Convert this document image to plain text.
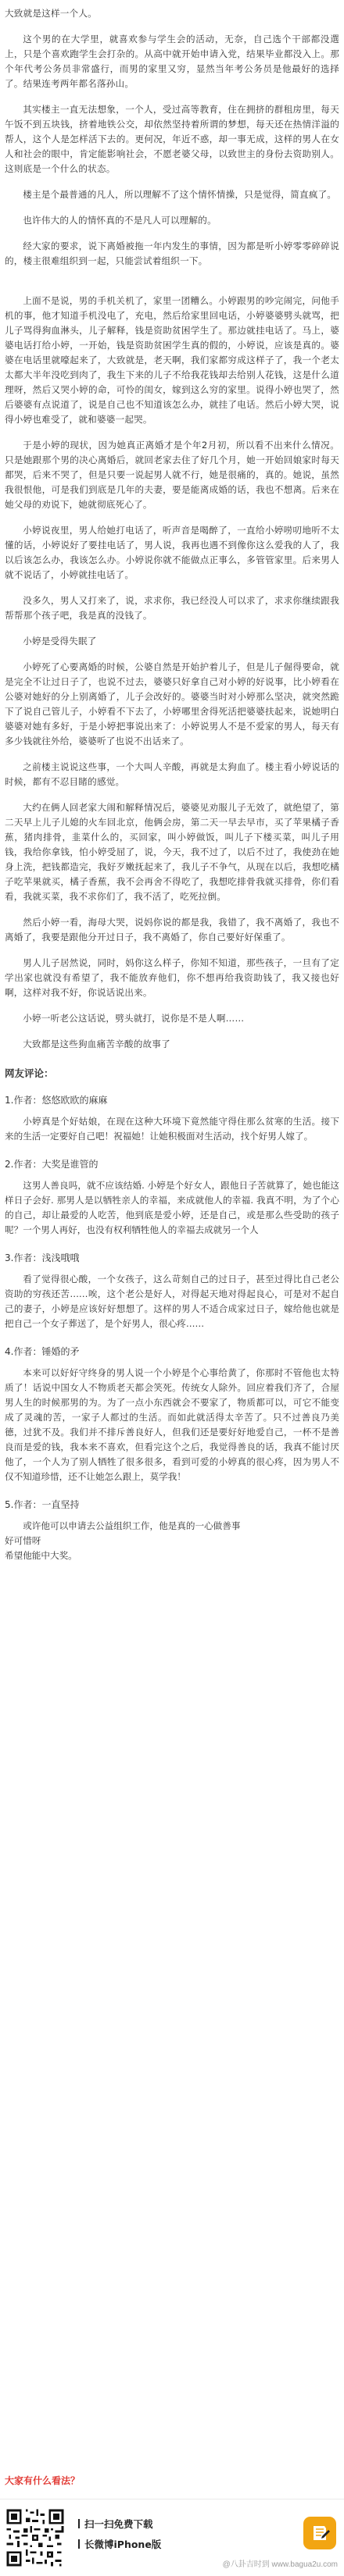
大致就是这样一个人。

这个男的在大学里，就喜欢参与学生会的活动，无奈，自己选个干部都没選上，只是个喜欢跑学生会打杂的。从高中就开始申请入党，结果毕业都没入上。那个年代考公务员非常盛行，而男的家里又穷，显然当年考公务员是他最好的选择了。结果连考两年都名落孙山。

其实楼主一直无法想象，一个人，受过高等教育，住在拥挤的群租房里，每天午饭不到五块钱，挤着地铁公交，却依然坚持着所谓的梦想，每天还在热情洋溢的帮人，这个人是怎样活下去的。更何况，年近不惑，却一事无成，这样的男人在女人和社会的眼中，肯定能影响社会，不愿老婆父母，以致世主的身份去资助别人。这则底是一个什么的状态。

楼主是个最普通的凡人，所以理解不了这个情怀情操，只是觉得，简直疯了。

也许伟大的人的情怀真的不是凡人可以理解的。

经大家的要求，说下离婚被拖一年内发生的事情，因为都是听小婷零零碎碎说的，楼主很难组织到一起，只能尝试着组织一下。

上面不是说，男的手机关机了，家里一团糟么。小婷跟男的吵完闹完，问他手机的事，他才知道手机没电了，充电，然后给家里回电话，小婷婆婆劈头就骂，把儿子骂得狗血淋头，儿子解释，钱是资助贫困学生了。那边就挂电话了。马上，婆婆电话打给小婷，一开始，钱是资助贫困学生真的假的，小婷说，应该是真的。婆婆在电话里就嚎起来了，大致就是，老天啊，我们家都穷成这样子了，我一个老太太都大半年没吃到肉了，我生下来的儿子不给我花钱却去给别人花钱，这是什么道理呀，然后又哭小婷的命，可怜的闺女，嫁到这么穷的家里。说得小婷也哭了，然后婆婆有点说道了，说是自己也不知道该怎么办，就挂了电话。然后小婷大哭，说得小婷也难受了，就和婆婆一起哭。

于是小婷的现状，因为她真正离婚才是个年2月初，所以看不出来什么情况。只是她跟那个男的决心离婚后，就回老家去住了好几个月，她一开始回娘家时每天都哭，后来不哭了，但是只要一说起男人就不行，她是很痛的，真的。她说，虽然我很恨他，可是我们到底是几年的夫妻，要是能离成婚的话，我也不想离。后来在她父母的劝说下，她就彻底死心了。

小婷说夜里，男人给她打电话了，听声音是喝醉了，一直给小婷唠叨地听不太懂的话，小婷说好了要挂电话了，男人说，我再也遇不到像你这么爱我的人了，我以后该怎么办，我该怎么办。小婷说你就不能做点正事么，多管管家里。后来男人就不说话了，小婷就挂电话了。

没多久，男人又打来了，说，求求你，我已经没人可以求了，求求你继续跟我帮帮那个孩子吧，我是真的没钱了。

小婷是受得失眠了

小婷死了心要离婚的时候，公婆自然是开始护着儿子，但是儿子倔得要命，就是完全不让过日子了，也说不过去，婆婆只好拿自己对小婷的好说事，比小婷看在公婆对她好的分上别离婚了，儿子会改好的。婆婆当时对小婷那么坚决，就突然跪下了说自己管儿子，小婷看不下去了，小婷哪里舍得死活把婆婆扶起来，说她明白婆婆对她有多好，于是小婷把事说出来了：小婷说男人不是不爱家的男人，每天有多少钱就往外给，婆婆听了也说不出话来了。

之前楼主说说这些事，一个大叫人辛酸，再就是太狗血了。楼主看小婷说话的时候，都有不忍目睹的感觉。

大约在俩人回老家大闹和解释情况后，婆婆见劝服儿子无效了，就绝望了，第二天早上儿子儿媳的火车回北京，他俩会房，第二天一早去早市，买了苹果橘子香蕉，猪肉排骨，韭菜什么的，买回家，叫小婷做饭，叫儿子下楼买菜，叫儿子用钱，我给你拿钱，怕小婷受屈了，说，今天，我不过了，以后不过了，我使劲在她身上洗，把钱都造完，我好歹嫩抚起来了，我儿子不争气，从现在以后，我想吃橘子吃苹果就买，橘子香蕉，我不会再舍不得吃了，我想吃排骨我就买排骨，你们看看，我就买菜，我不求你们了，我不活了，吃死拉倒。

然后小婷一看，海母大哭，说妈你说的都是我，我错了，我不离婚了，我也不离婚了，我要是跟他分开过日子，我不离婚了，你自己要好好保重了。

男人儿子居然说，同时，妈你这么样子，你知不知道，那些孩子，一旦有了定学出家也就没有希望了，我不能放弃他们，你不想再给我资助钱了，我又接也好啊，这样对我不好，你说话说出来。

小婷一听老公这话说，劈头就打，说你是不是人啊……

大致都是这些狗血痛苦辛酸的故事了

网友评论：
1.作者：悠悠欧欧的麻麻

小婷真是个好姑娘，在现在这种大环境下竟然能守得住那么贫寒的生活。接下来的生活一定要好自己吧！祝福她！让她积极面对生活动，找个好男人嫁了。

2.作者：大奖是谁管的

这男人善良吗，就不应该结婚. 小婷是个好女人，跟他日子苦就算了，她也能这样日子会好. 那男人是以牺牲亲人的幸福，来成就他人的幸福. 我真不明，为了个心的自己，却让最爱的人吃苦，他到底是爱小婷，还是自己，或是那么些受助的孩子呢？一个男人再好，也没有权利牺牲他人的幸福去成就另一个人

3.作者：浅浅哦哦

看了觉得很心酸，一个女孩子，这么苛刻自己的过日子，甚至过得比自己老公资助的穷孩还苦……唉，这个老公是好人，对得起天地对得起良心，可是对不起自己的妻子，小婷是应该好好想想了。这样的男人不适合成家过日子，嫁给他也就是把自己一个女子葬送了，是个好男人，很心疼……

4.作者：锤婚的矛

本来可以好好守终身的男人说一个小婷是个心事给黄了，你那时不管他也太特质了！话说中国女人不物质老天都会笑死。传统女人除外。回应着我们齐了，合屋男人生的时候那男的为。为了一点小东西就会不要家了，物质都可以，可它不能变成了灵魂的苦，一家子人都过的生活。而如此就活得太辛苦了。只不过善良乃美德，过犹不及。我们并不排斥善良好人，但我们还是要好好地爱自己，一杯不是善良而是爱的钱，我本来不喜欢，但看完这个之后，我觉得善良的话，我真不能讨厌他了，一个人为了别人牺牲了很多很多，看到可爱的小婷真的很心疼，因为男人不仅不知道珍惜，还不让她怎么跟上，莫学我！

5.作者：一直坚持

或许他可以申请去公益组织工作，他是真的一心做善事
好可惜呀
希望他能中大奖。

大家有什么看法？
扫一扫免费下载
长微博iPhone版
@八卦吉时到 www.bagua2u.com
